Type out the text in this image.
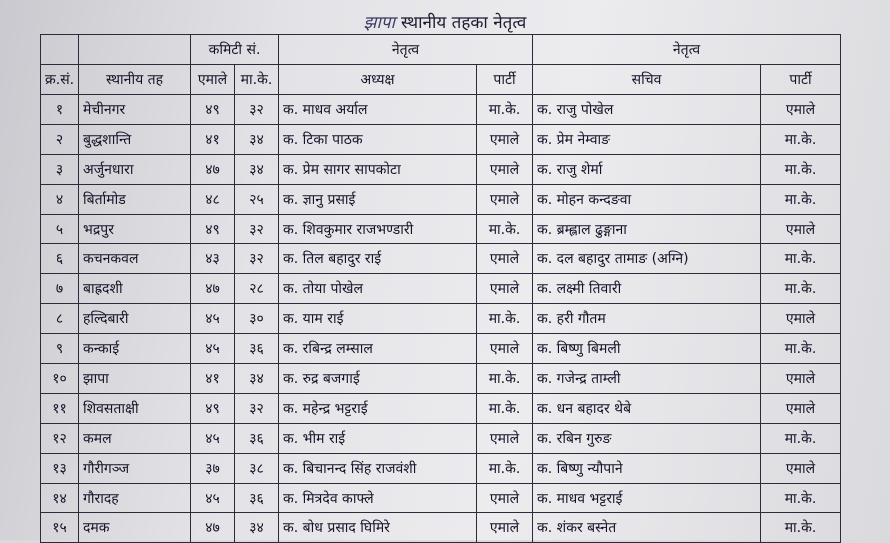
झापा स्थानीय तहका नेतृत्व
		कमिटी सं.		नेतृत्व		नेतृत्व	
क्र.सं.	स्थानीय तह	एमाले	मा.के.	अध्यक्ष	पार्टी	सचिव	पार्टी
१	मेचीनगर	४९	३२	क. माधव अर्याल	मा.के.	क. राजु पोखेल	एमाले
२	बुद्धशान्ति	४१	३४	क. टिका पाठक	एमाले	क. प्रेम नेम्वाङ	मा.के.
३	अर्जुनधारा	४७	३४	क. प्रेम सागर सापकोटा	एमाले	क. राजु शेर्मा	मा.के.
४	बिर्तामोड	४८	२५	क. ज्ञानु प्रसाई	एमाले	क. मोहन कन्दङवा	मा.के.
५	भद्रपुर	४९	३२	क. शिवकुमार राजभण्डारी	मा.के.	क. ब्रम्ह्लाल ढुङ्गाना	एमाले
६	कचनकवल	४३	३२	क. तिल बहादुर राई	एमाले	क. दल बहादुर तामाङ (अग्नि)	मा.के.
७	बाह्रदशी	४७	२८	क. तोया पोखेल	एमाले	क. लक्ष्मी तिवारी	मा.के.
८	हल्दिबारी	४५	३०	क. याम राई	मा.के.	क. हरी गौतम	एमाले
९	कन्काई	४५	३६	क. रबिन्द्र लम्साल	एमाले	क. बिष्णु बिमली	मा.के.
१०	झापा	४१	३४	क. रुद्र बजगाई	मा.के.	क. गजेन्द्र ताम्ली	एमाले
११	शिवसताक्षी	४९	३२	क. महेन्द्र भट्टराई	मा.के.	क. धन बहादर थेबे	एमाले
१२	कमल	४५	३६	क. भीम राई	एमाले	क. रबिन गुरुङ	मा.के.
१३	गौरीगञ्ज	३७	३८	क. बिचानन्द सिंह राजवंशी	मा.के.	क. बिष्णु न्यौपाने	एमाले
१४	गौरादह	४५	३६	क. मित्रदेव काफ्ले	एमाले	क. माधव भट्टराई	मा.के.
१५	दमक	४७	३४	क. बोध प्रसाद घिमिरे	एमाले	क. शंकर बस्नेत	मा.के.
